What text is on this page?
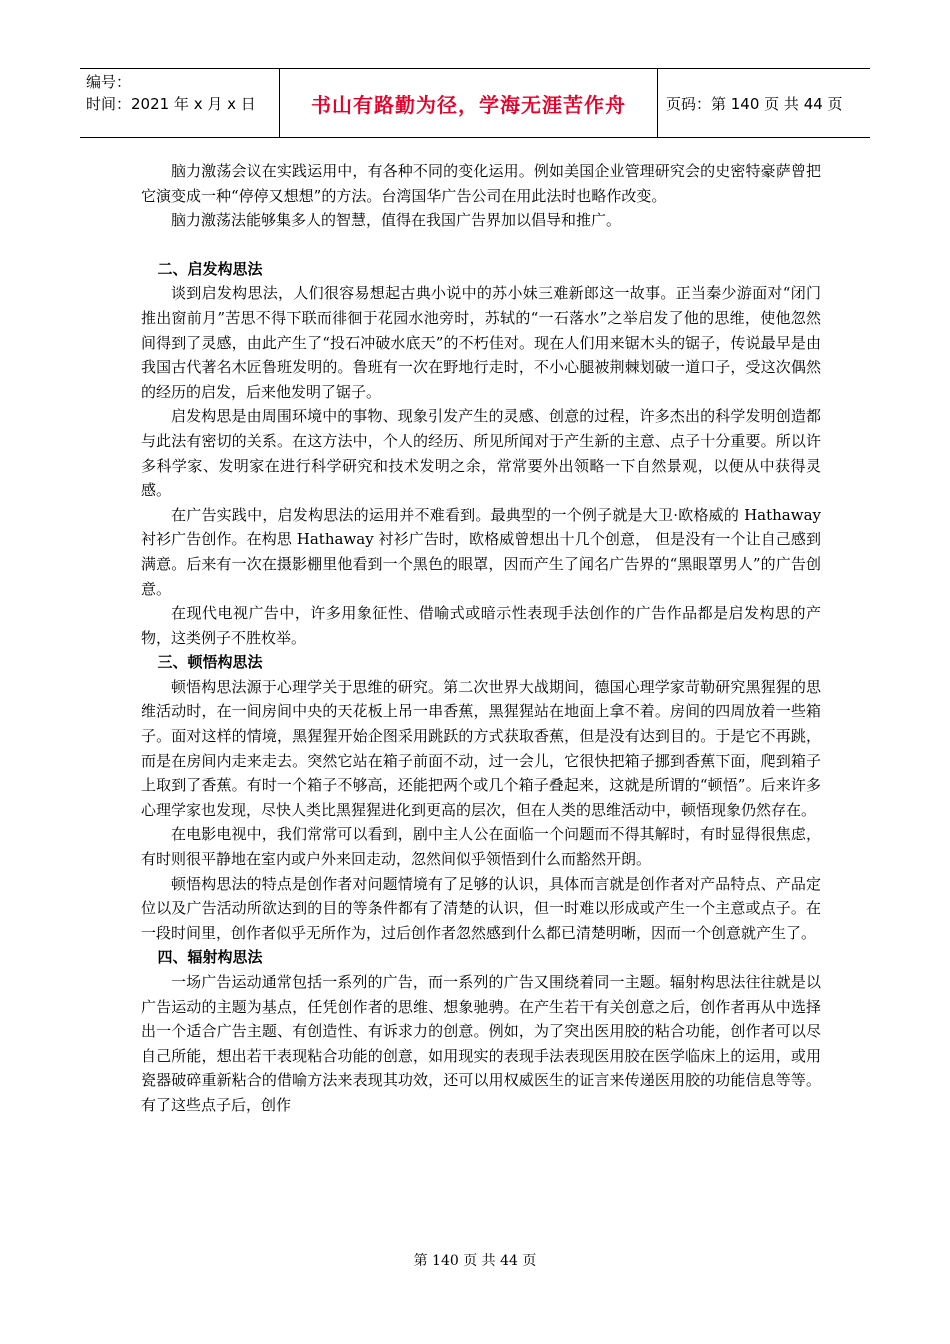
编号：
时间：2021 年 x 月 x 日	书山有路勤为径，学海无涯苦作舟	页码：第 140 页 共 44 页

脑力激荡会议在实践运用中，有各种不同的变化运用。例如美国企业管理研究会的史密特豪萨曾把它演变成一种“停停又想想”的方法。台湾国华广告公司在用此法时也略作改变。

脑力激荡法能够集多人的智慧，值得在我国广告界加以倡导和推广。

二、启发构思法

谈到启发构思法，人们很容易想起古典小说中的苏小妹三难新郎这一故事。正当秦少游面对“闭门推出窗前月”苦思不得下联而徘徊于花园水池旁时，苏轼的“一石落水”之举启发了他的思维，使他忽然间得到了灵感，由此产生了“投石冲破水底天”的不朽佳对。现在人们用来锯木头的锯子，传说最早是由我国古代著名木匠鲁班发明的。鲁班有一次在野地行走时，不小心腿被荆棘划破一道口子，受这次偶然的经历的启发，后来他发明了锯子。

启发构思是由周围环境中的事物、现象引发产生的灵感、创意的过程，许多杰出的科学发明创造都与此法有密切的关系。在这方法中，个人的经历、所见所闻对于产生新的主意、点子十分重要。所以许多科学家、发明家在进行科学研究和技术发明之余，常常要外出领略一下自然景观，以便从中获得灵感。

在广告实践中，启发构思法的运用并不难看到。最典型的一个例子就是大卫·欧格威的 Hathaway 衬衫广告创作。在构思 Hathaway 衬衫广告时，欧格威曾想出十几个创意， 但是没有一个让自己感到满意。后来有一次在摄影棚里他看到一个黑色的眼罩，因而产生了闻名广告界的“黑眼罩男人”的广告创意。

在现代电视广告中，许多用象征性、借喻式或暗示性表现手法创作的广告作品都是启发构思的产物，这类例子不胜枚举。

三、顿悟构思法

顿悟构思法源于心理学关于思维的研究。第二次世界大战期间，德国心理学家苛勒研究黑猩猩的思维活动时，在一间房间中央的天花板上吊一串香蕉，黑猩猩站在地面上拿不着。房间的四周放着一些箱子。面对这样的情境，黑猩猩开始企图采用跳跃的方式获取香蕉，但是没有达到目的。于是它不再跳，而是在房间内走来走去。突然它站在箱子前面不动，过一会儿，它很快把箱子挪到香蕉下面，爬到箱子上取到了香蕉。有时一个箱子不够高，还能把两个或几个箱子叠起来，这就是所谓的“顿悟”。后来许多心理学家也发现，尽快人类比黑猩猩进化到更高的层次，但在人类的思维活动中，顿悟现象仍然存在。

在电影电视中，我们常常可以看到，剧中主人公在面临一个问题而不得其解时，有时显得很焦虑，有时则很平静地在室内或户外来回走动，忽然间似乎领悟到什么而豁然开朗。

顿悟构思法的特点是创作者对问题情境有了足够的认识，具体而言就是创作者对产品特点、产品定位以及广告活动所欲达到的目的等条件都有了清楚的认识，但一时难以形成或产生一个主意或点子。在一段时间里，创作者似乎无所作为，过后创作者忽然感到什么都已清楚明晰，因而一个创意就产生了。

四、辐射构思法

一场广告运动通常包括一系列的广告，而一系列的广告又围绕着同一主题。辐射构思法往往就是以广告运动的主题为基点，任凭创作者的思维、想象驰骋。在产生若干有关创意之后，创作者再从中选择出一个适合广告主题、有创造性、有诉求力的创意。例如，为了突出医用胶的粘合功能，创作者可以尽自己所能，想出若干表现粘合功能的创意，如用现实的表现手法表现医用胶在医学临床上的运用，或用瓷器破碎重新粘合的借喻方法来表现其功效，还可以用权威医生的证言来传递医用胶的功能信息等等。有了这些点子后，创作

第 140 页 共 44 页
